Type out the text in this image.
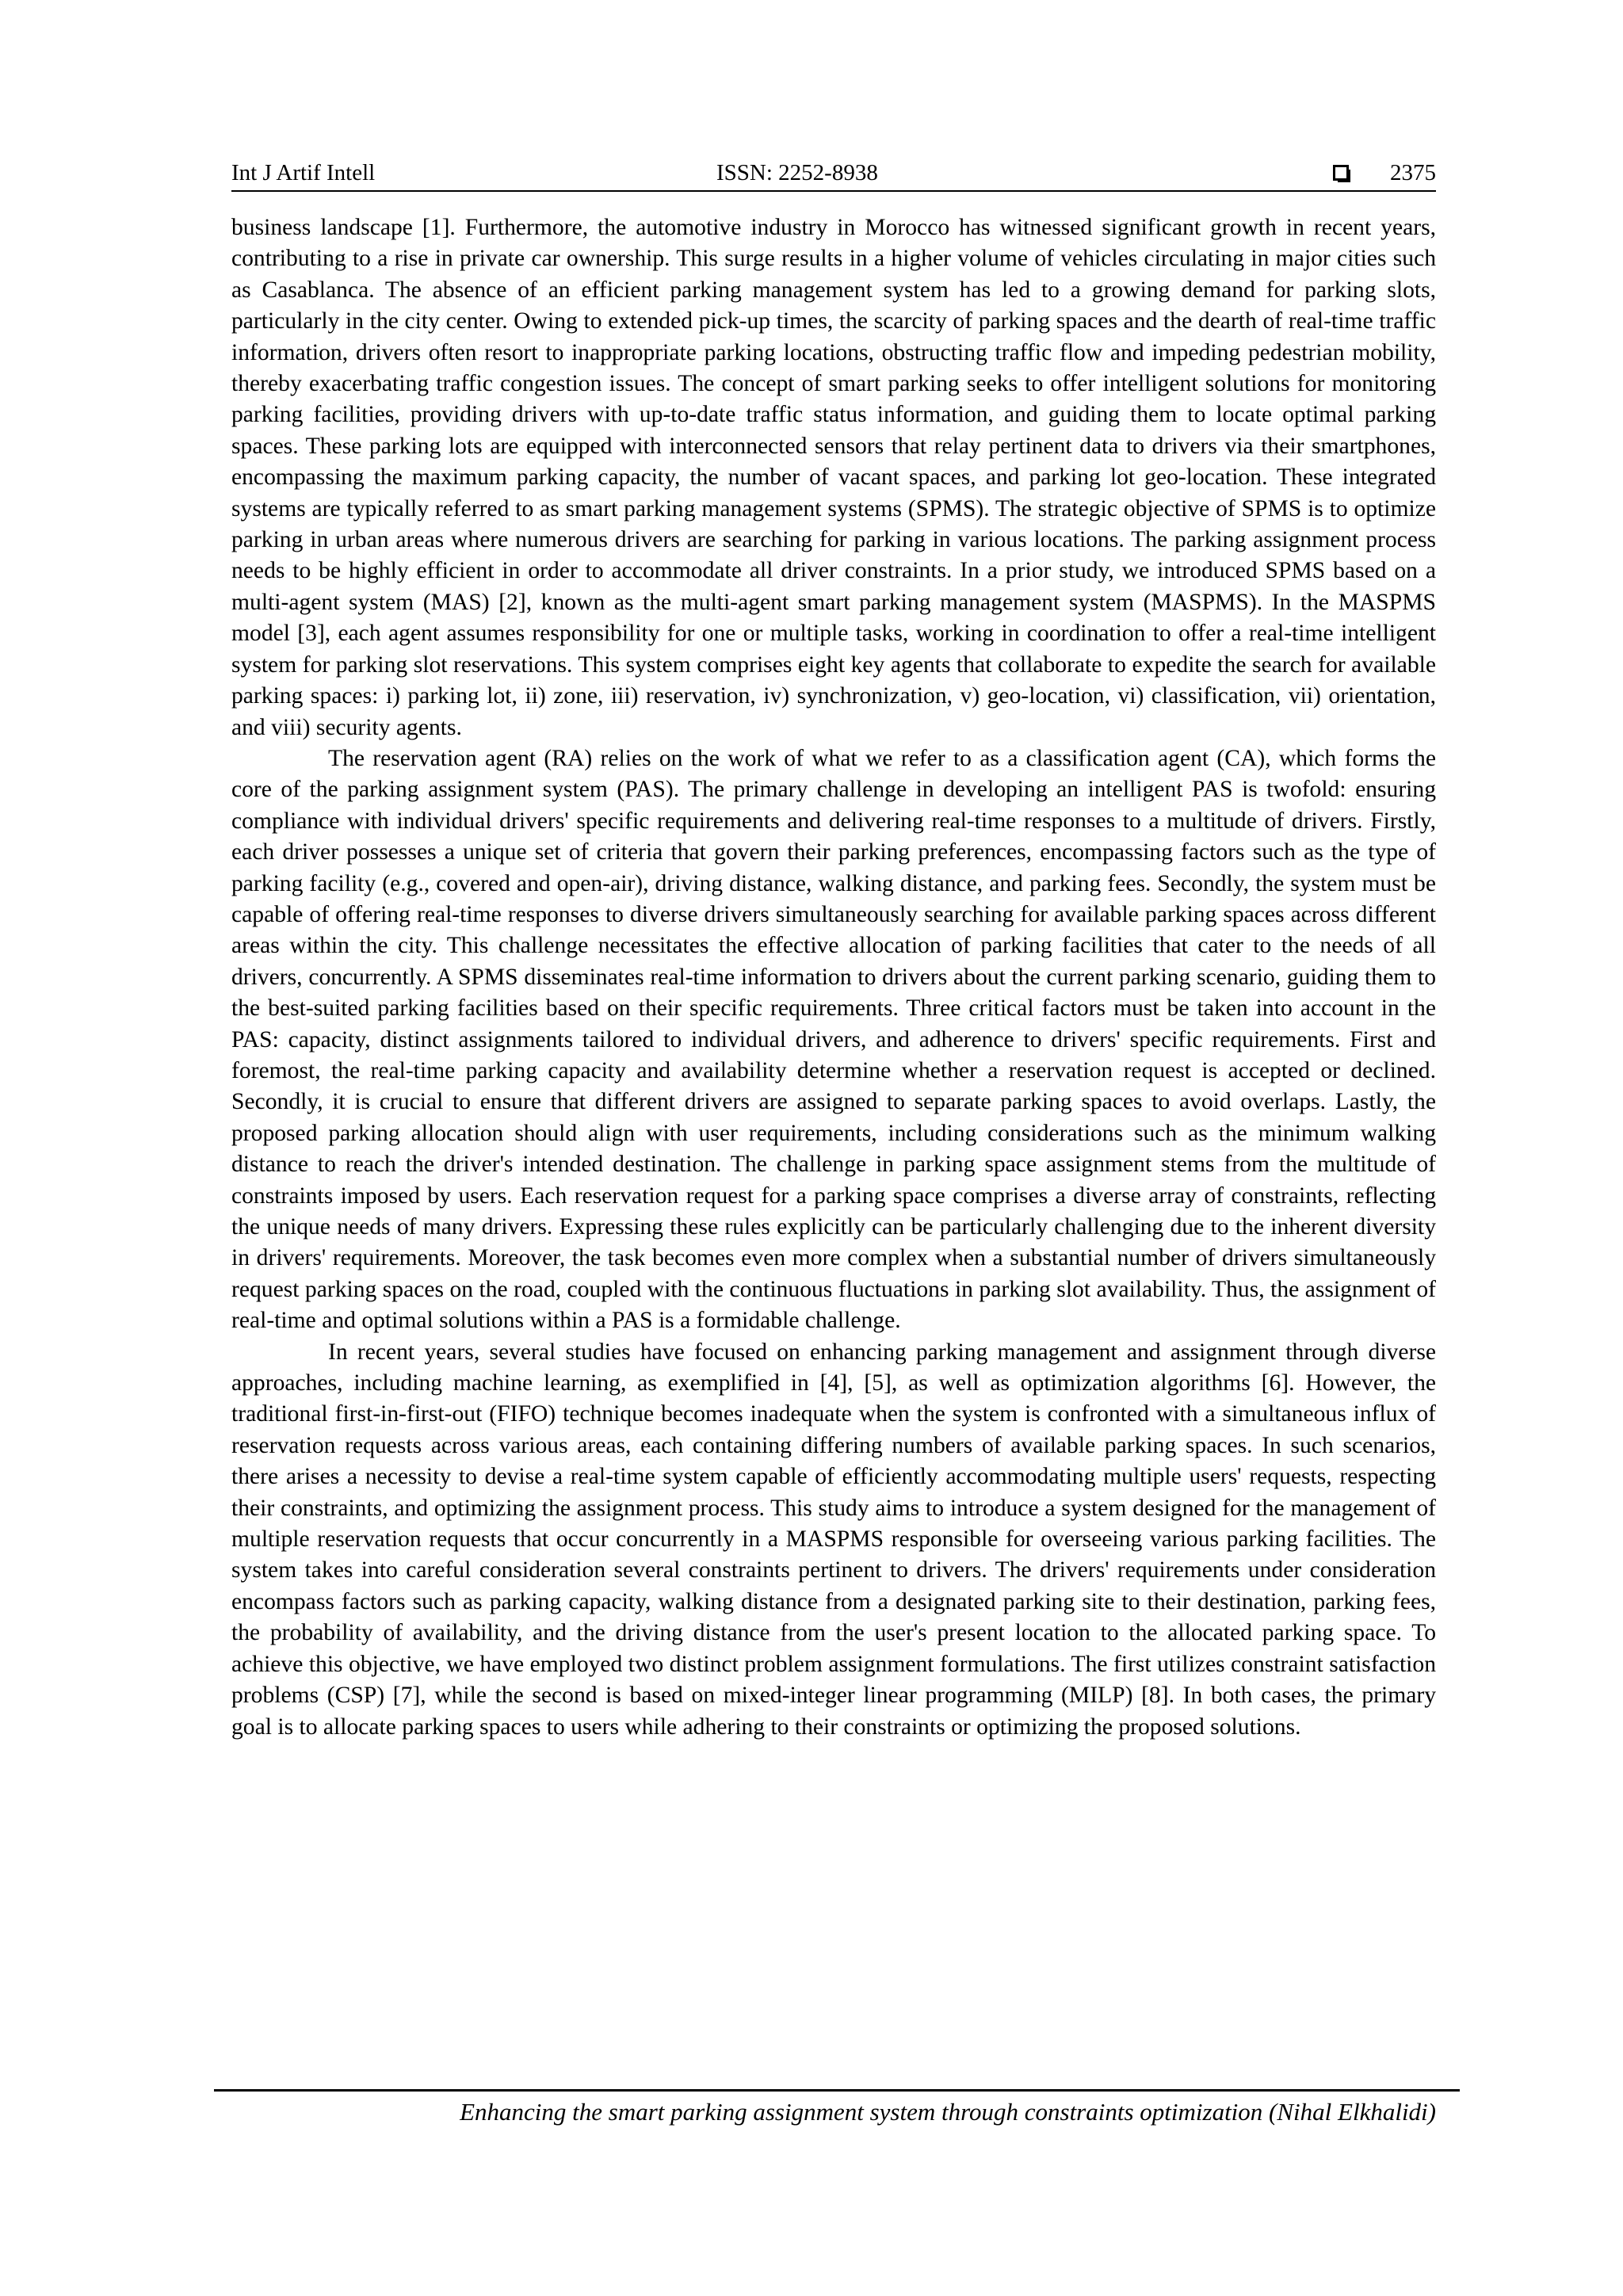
Int J Artif Intell	ISSN: 2252-8938	2375

business landscape [1]. Furthermore, the automotive industry in Morocco has witnessed significant growth in recent years, contributing to a rise in private car ownership. This surge results in a higher volume of vehicles circulating in major cities such as Casablanca. The absence of an efficient parking management system has led to a growing demand for parking slots, particularly in the city center. Owing to extended pick-up times, the scarcity of parking spaces and the dearth of real-time traffic information, drivers often resort to inappropriate parking locations, obstructing traffic flow and impeding pedestrian mobility, thereby exacerbating traffic congestion issues. The concept of smart parking seeks to offer intelligent solutions for monitoring parking facilities, providing drivers with up-to-date traffic status information, and guiding them to locate optimal parking spaces. These parking lots are equipped with interconnected sensors that relay pertinent data to drivers via their smartphones, encompassing the maximum parking capacity, the number of vacant spaces, and parking lot geo-location. These integrated systems are typically referred to as smart parking management systems (SPMS). The strategic objective of SPMS is to optimize parking in urban areas where numerous drivers are searching for parking in various locations. The parking assignment process needs to be highly efficient in order to accommodate all driver constraints. In a prior study, we introduced SPMS based on a multi-agent system (MAS) [2], known as the multi-agent smart parking management system (MASPMS). In the MASPMS model [3], each agent assumes responsibility for one or multiple tasks, working in coordination to offer a real-time intelligent system for parking slot reservations. This system comprises eight key agents that collaborate to expedite the search for available parking spaces: i) parking lot, ii) zone, iii) reservation, iv) synchronization, v) geo-location, vi) classification, vii) orientation, and viii) security agents.

The reservation agent (RA) relies on the work of what we refer to as a classification agent (CA), which forms the core of the parking assignment system (PAS). The primary challenge in developing an intelligent PAS is twofold: ensuring compliance with individual drivers' specific requirements and delivering real-time responses to a multitude of drivers. Firstly, each driver possesses a unique set of criteria that govern their parking preferences, encompassing factors such as the type of parking facility (e.g., covered and open-air), driving distance, walking distance, and parking fees. Secondly, the system must be capable of offering real-time responses to diverse drivers simultaneously searching for available parking spaces across different areas within the city. This challenge necessitates the effective allocation of parking facilities that cater to the needs of all drivers, concurrently. A SPMS disseminates real-time information to drivers about the current parking scenario, guiding them to the best-suited parking facilities based on their specific requirements. Three critical factors must be taken into account in the PAS: capacity, distinct assignments tailored to individual drivers, and adherence to drivers' specific requirements. First and foremost, the real-time parking capacity and availability determine whether a reservation request is accepted or declined. Secondly, it is crucial to ensure that different drivers are assigned to separate parking spaces to avoid overlaps. Lastly, the proposed parking allocation should align with user requirements, including considerations such as the minimum walking distance to reach the driver's intended destination. The challenge in parking space assignment stems from the multitude of constraints imposed by users. Each reservation request for a parking space comprises a diverse array of constraints, reflecting the unique needs of many drivers. Expressing these rules explicitly can be particularly challenging due to the inherent diversity in drivers' requirements. Moreover, the task becomes even more complex when a substantial number of drivers simultaneously request parking spaces on the road, coupled with the continuous fluctuations in parking slot availability. Thus, the assignment of real-time and optimal solutions within a PAS is a formidable challenge.

In recent years, several studies have focused on enhancing parking management and assignment through diverse approaches, including machine learning, as exemplified in [4], [5], as well as optimization algorithms [6]. However, the traditional first-in-first-out (FIFO) technique becomes inadequate when the system is confronted with a simultaneous influx of reservation requests across various areas, each containing differing numbers of available parking spaces. In such scenarios, there arises a necessity to devise a real-time system capable of efficiently accommodating multiple users' requests, respecting their constraints, and optimizing the assignment process. This study aims to introduce a system designed for the management of multiple reservation requests that occur concurrently in a MASPMS responsible for overseeing various parking facilities. The system takes into careful consideration several constraints pertinent to drivers. The drivers' requirements under consideration encompass factors such as parking capacity, walking distance from a designated parking site to their destination, parking fees, the probability of availability, and the driving distance from the user's present location to the allocated parking space. To achieve this objective, we have employed two distinct problem assignment formulations. The first utilizes constraint satisfaction problems (CSP) [7], while the second is based on mixed-integer linear programming (MILP) [8]. In both cases, the primary goal is to allocate parking spaces to users while adhering to their constraints or optimizing the proposed solutions.

Enhancing the smart parking assignment system through constraints optimization (Nihal Elkhalidi)
